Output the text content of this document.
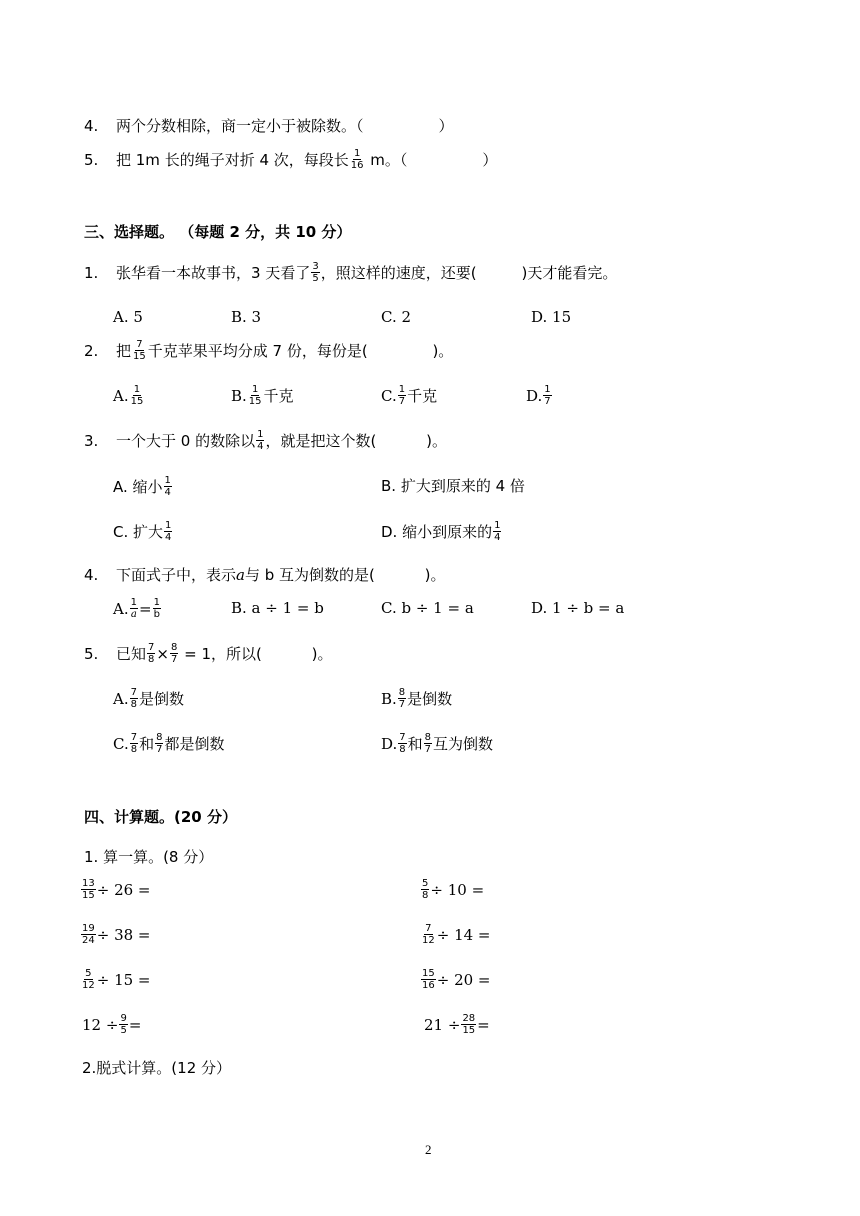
4. 两个分数相除，商一定小于被除数。（　　　　　）
5. 把 1m 长的绳子对折 4 次，每段长 $\frac{1}{16}$ m。（　　　　　）
三、选择题。 （每题 2 分，共 10 分）
1. 张华看一本故事书，3 天看了 $\frac{3}{5}$ ，照这样的速度，还要(　　　)天才能看完。
A. 5	B. 3	C. 2	D. 15
2. 把 $\frac{7}{15}$ 千克苹果平均分成 7 份，每份是(　　　　 )。
A. $\frac{1}{15}$	B. $\frac{1}{15}$ 千克	C. $\frac{1}{7}$ 千克	D. $\frac{1}{7}$
3. 一个大于 0 的数除以 $\frac{1}{4}$ ，就是把这个数(　　　 )。
A. 缩小 $\frac{1}{4}$	B. 扩大到原来的 4 倍
C. 扩大 $\frac{1}{4}$	D. 缩小到原来的 $\frac{1}{4}$
4. 下面式子中，表示a与 b 互为倒数的是(　　　 )。
A. $\frac{1}{a} = \frac{1}{b}$	B. a ÷ 1 = b	C. b ÷ 1 = a	D. 1 ÷ b = a
5. 已知 $\frac{7}{8} \times \frac{8}{7} = 1$，所以(　　　 )。
A. $\frac{7}{8}$ 是倒数	B. $\frac{8}{7}$ 是倒数
C. $\frac{7}{8}$ 和 $\frac{8}{7}$ 都是倒数	D. $\frac{7}{8}$ 和 $\frac{8}{7}$ 互为倒数
四、计算题。(20 分）
1. 算一算。(8 分）
$\frac{13}{15} \div 26$ =	$\frac{5}{8} \div 10$ =
$\frac{19}{24} \div 38$ =	$\frac{7}{12} \div 14$ =
$\frac{5}{12} \div 15$ =	$\frac{15}{16} \div 20$ =
$12 \div \frac{9}{5}$ =	$21 \div \frac{28}{15}$ =
2.脱式计算。(12 分）
2
